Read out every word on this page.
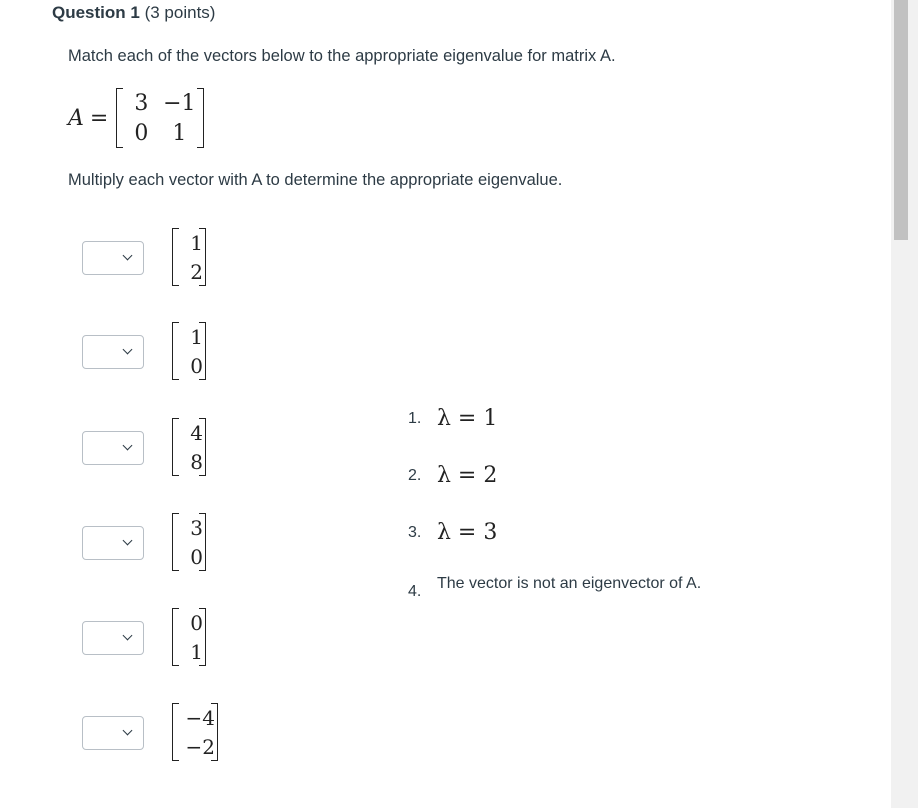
Question 1 (3 points)
Match each of the vectors below to the appropriate eigenvalue for matrix A.
A =
3 −1
0	1
Multiply each vector with A to determine the appropriate eigenvalue.
1
2
1
0
4
8
3
0
0
1
−4
−2
1. λ = 1
2. λ = 2
3. λ = 3
4. The vector is not an eigenvector of A.
